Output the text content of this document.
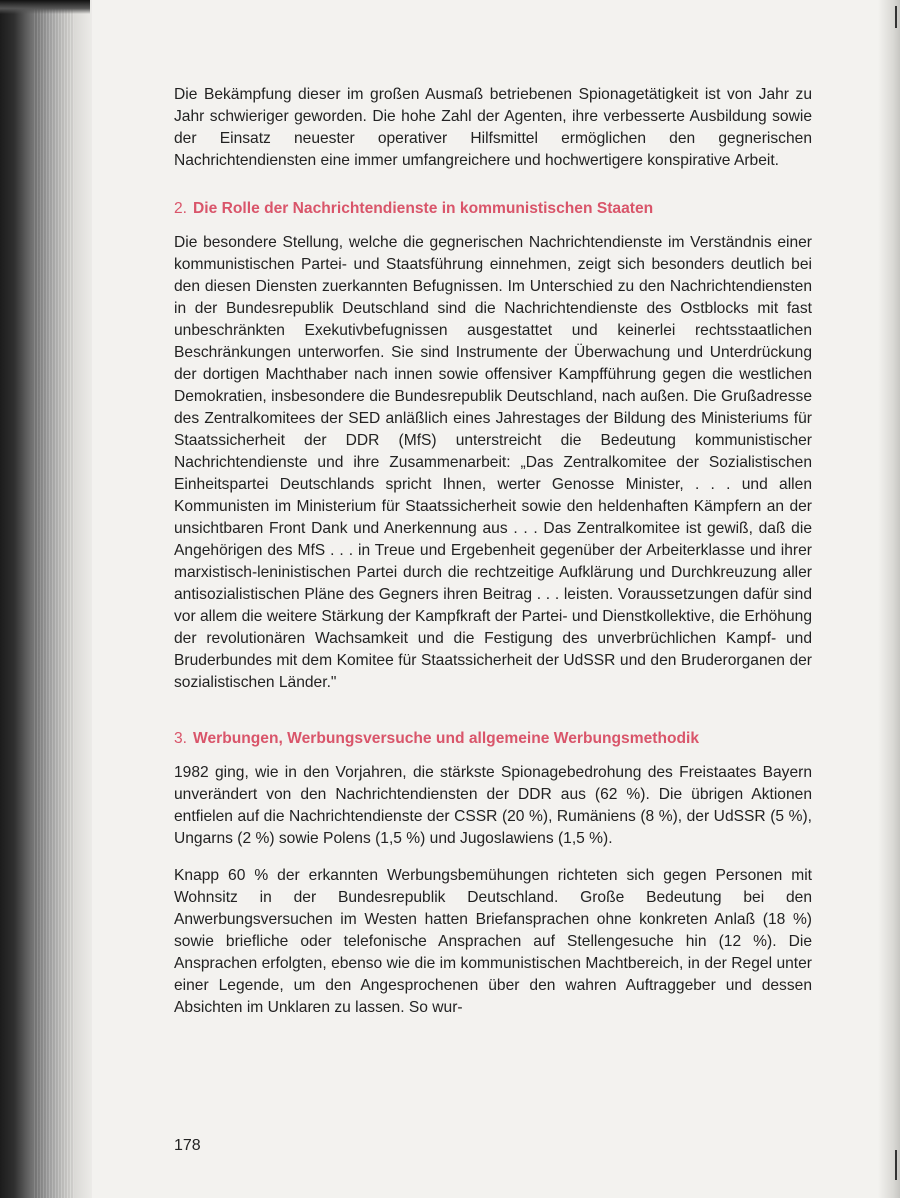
Die Bekämpfung dieser im großen Ausmaß betriebenen Spionagetätigkeit ist von Jahr zu Jahr schwieriger geworden. Die hohe Zahl der Agenten, ihre verbesserte Ausbildung sowie der Einsatz neuester operativer Hilfsmittel ermöglichen den gegnerischen Nachrichtendiensten eine immer umfangreichere und hochwertigere konspirative Arbeit.

2. Die Rolle der Nachrichtendienste in kommunistischen Staaten

Die besondere Stellung, welche die gegnerischen Nachrichtendienste im Verständnis einer kommunistischen Partei- und Staatsführung einnehmen, zeigt sich besonders deutlich bei den diesen Diensten zuerkannten Befugnissen. Im Unterschied zu den Nachrichtendiensten in der Bundesrepublik Deutschland sind die Nachrichtendienste des Ostblocks mit fast unbeschränkten Exekutivbefugnissen ausgestattet und keinerlei rechtsstaatlichen Beschränkungen unterworfen. Sie sind Instrumente der Überwachung und Unterdrückung der dortigen Machthaber nach innen sowie offensiver Kampfführung gegen die westlichen Demokratien, insbesondere die Bundesrepublik Deutschland, nach außen. Die Grußadresse des Zentralkomitees der SED anläßlich eines Jahrestages der Bildung des Ministeriums für Staatssicherheit der DDR (MfS) unterstreicht die Bedeutung kommunistischer Nachrichtendienste und ihre Zusammenarbeit: „Das Zentralkomitee der Sozialistischen Einheitspartei Deutschlands spricht Ihnen, werter Genosse Minister, . . . und allen Kommunisten im Ministerium für Staatssicherheit sowie den heldenhaften Kämpfern an der unsichtbaren Front Dank und Anerkennung aus . . . Das Zentralkomitee ist gewiß, daß die Angehörigen des MfS . . . in Treue und Ergebenheit gegenüber der Arbeiterklasse und ihrer marxistisch-leninistischen Partei durch die rechtzeitige Aufklärung und Durchkreuzung aller antisozialistischen Pläne des Gegners ihren Beitrag . . . leisten. Voraussetzungen dafür sind vor allem die weitere Stärkung der Kampfkraft der Partei- und Dienstkollektive, die Erhöhung der revolutionären Wachsamkeit und die Festigung des unverbrüchlichen Kampf- und Bruderbundes mit dem Komitee für Staatssicherheit der UdSSR und den Bruderorganen der sozialistischen Länder."

3. Werbungen, Werbungsversuche und allgemeine Werbungsmethodik

1982 ging, wie in den Vorjahren, die stärkste Spionagebedrohung des Freistaates Bayern unverändert von den Nachrichtendiensten der DDR aus (62 %). Die übrigen Aktionen entfielen auf die Nachrichtendienste der CSSR (20 %), Rumäniens (8 %), der UdSSR (5 %), Ungarns (2 %) sowie Polens (1,5 %) und Jugoslawiens (1,5 %).

Knapp 60 % der erkannten Werbungsbemühungen richteten sich gegen Personen mit Wohnsitz in der Bundesrepublik Deutschland. Große Bedeutung bei den Anwerbungsversuchen im Westen hatten Briefansprachen ohne konkreten Anlaß (18 %) sowie briefliche oder telefonische Ansprachen auf Stellengesuche hin (12 %). Die Ansprachen erfolgten, ebenso wie die im kommunistischen Machtbereich, in der Regel unter einer Legende, um den Angesprochenen über den wahren Auftraggeber und dessen Absichten im Unklaren zu lassen. So wur-

178
